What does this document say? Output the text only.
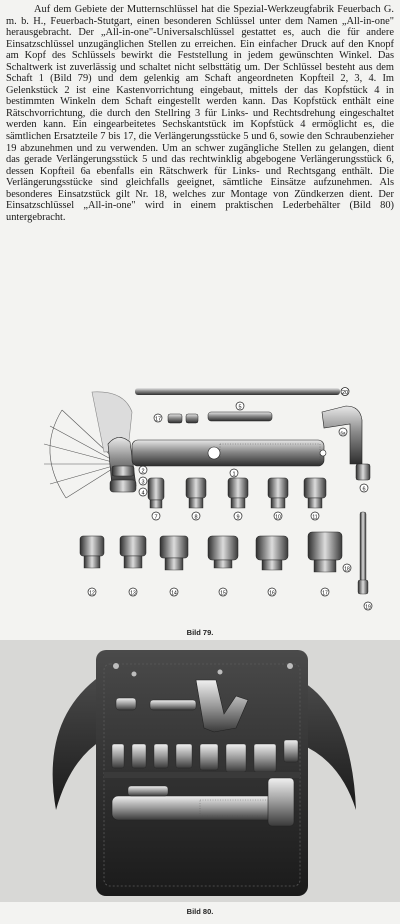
Auf dem Gebiete der Mutternschlüssel hat die Spezial-Werkzeugfabrik Feuerbach G. m. b. H., Feuerbach-Stutgart, einen besonderen Schlüssel unter dem Namen „All-in-one" herausgebracht. Der „All-in-one"-Universalschlüssel gestattet es, auch die für andere Einsatzschlüssel unzugänglichen Stellen zu erreichen. Ein einfacher Druck auf den Knopf am Kopf des Schlüssels bewirkt die Feststellung in jedem gewünschten Winkel. Das Schaltwerk ist zuverlässig und schaltet nicht selbsttätig um. Der Schlüssel besteht aus dem Schaft 1 (Bild 79) und dem gelenkig am Schaft angeordneten Kopfteil 2, 3, 4. Im Gelenkstück 2 ist eine Kastenvorrichtung eingebaut, mittels der das Kopfstück 4 in bestimmten Winkeln dem Schaft eingestellt werden kann. Das Kopfstück enthält eine Rätschvorrichtung, die durch den Stellring 3 für Links- und Rechtsdrehung eingeschaltet werden kann. Ein eingearbeitetes Sechskantstück im Kopfstück 4 ermöglicht es, die sämtlichen Ersatzteile 7 bis 17, die Verlängerungsstücke 5 und 6, sowie den Schraubenzieher 19 abzunehmen und zu verwenden. Um an schwer zugängliche Stellen zu gelangen, dient das gerade Verlängerungsstück 5 und das rechtwinklig abgebogene Verlängerungsstück 6, dessen Kopfteil 6a ebenfalls ein Rätschwerk für Links- und Rechtsgang enthält. Die Verlängerungsstücke sind gleichfalls geeignet, sämtliche Einsätze aufzunehmen. Als besonderes Einsatzstück gilt Nr. 18, welches zur Montage von Zündkerzen dient. Der Einsatzschlüssel „All-in-one" wird in einem praktischen Lederbehälter (Bild 80) untergebracht.

20
5
17
6a
6
1
2
3
4
7	8	9	10	11
12	13	14	15	16	17
18
19
Bild 79.
Bild 80.
